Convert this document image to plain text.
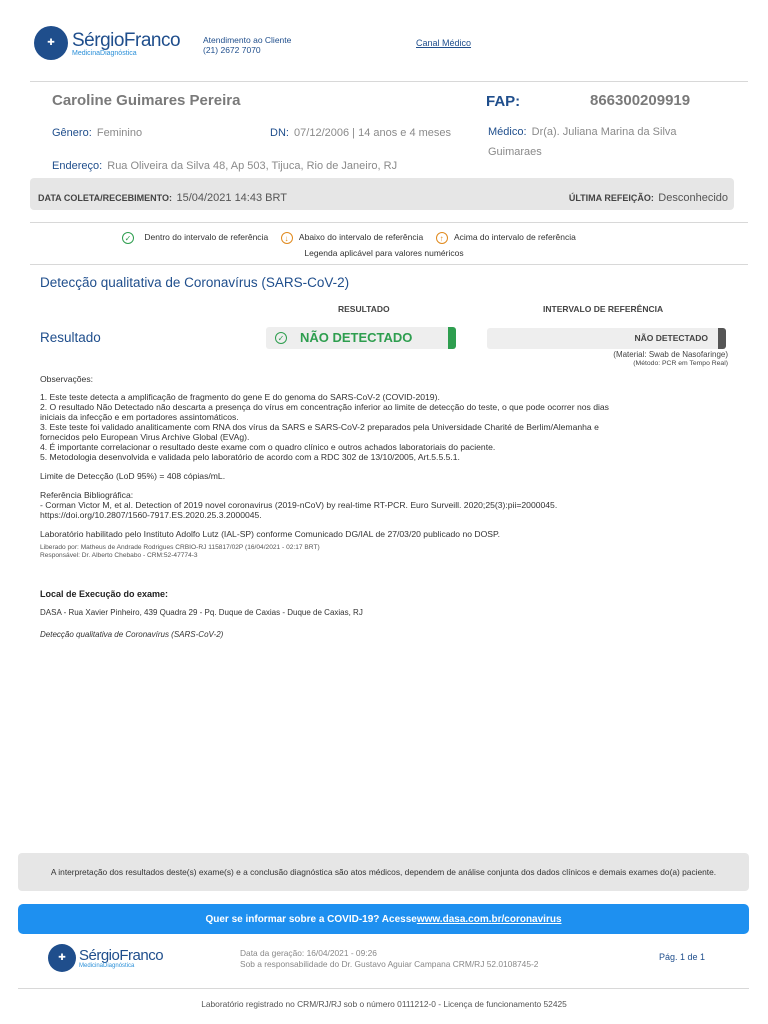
✚ SérgioFranco
MedicinaDiagnóstica
Atendimento ao Cliente
(21) 2672 7070
Canal Médico
Caroline Guimares Pereira	FAP:	866300209919
Gênero: Feminino	DN: 07/12/2006 | 14 anos e 4 meses	Médico: Dr(a). Juliana Marina da Silva Guimaraes
Endereço: Rua Oliveira da Silva 48, Ap 503, Tijuca, Rio de Janeiro, RJ
DATA COLETA/RECEBIMENTO: 15/04/2021 14:43 BRT	ÚLTIMA REFEIÇÃO: Desconhecido
✓ Dentro do intervalo de referência ↓ Abaixo do intervalo de referência ↑ Acima do intervalo de referência
Legenda aplicável para valores numéricos
Detecção qualitativa de Coronavírus (SARS-CoV-2)
RESULTADO	INTERVALO DE REFERÊNCIA
Resultado	✓ NÃO DETECTADO	NÃO DETECTADO
(Material: Swab de Nasofaringe)
(Método: PCR em Tempo Real)
Observações:
1. Este teste detecta a amplificação de fragmento do gene E do genoma do SARS-CoV-2 (COVID-2019).
2. O resultado Não Detectado não descarta a presença do vírus em concentração inferior ao limite de detecção do teste, o que pode ocorrer nos dias
iniciais da infecção e em portadores assintomáticos.
3. Este teste foi validado analiticamente com RNA dos vírus da SARS e SARS-CoV-2 preparados pela Universidade Charité de Berlim/Alemanha e
fornecidos pelo European Virus Archive Global (EVAg).
4. É importante correlacionar o resultado deste exame com o quadro clínico e outros achados laboratoriais do paciente.
5. Metodologia desenvolvida e validada pelo laboratório de acordo com a RDC 302 de 13/10/2005, Art.5.5.5.1.
Limite de Detecção (LoD 95%) = 408 cópias/mL.
Referência Bibliográfica:
- Corman Victor M, et al. Detection of 2019 novel coronavirus (2019-nCoV) by real-time RT-PCR. Euro Surveill. 2020;25(3):pii=2000045.
https://doi.org/10.2807/1560-7917.ES.2020.25.3.2000045.
Laboratório habilitado pelo Instituto Adolfo Lutz (IAL-SP) conforme Comunicado DG/IAL de 27/03/20 publicado no DOSP.
Liberado por: Matheus de Andrade Rodrigues CRBIO-RJ 115817/02P (16/04/2021 - 02:17 BRT)
Responsável: Dr. Alberto Chebabo - CRM:52-47774-3
Local de Execução do exame:
DASA - Rua Xavier Pinheiro, 439 Quadra 29 - Pq. Duque de Caxias - Duque de Caxias, RJ
Detecção qualitativa de Coronavírus (SARS-CoV-2)
A interpretação dos resultados deste(s) exame(s) e a conclusão diagnóstica são atos médicos, dependem de análise conjunta dos dados clínicos e demais exames do(a) paciente.
Quer se informar sobre a COVID-19? Acesse www.dasa.com.br/coronavirus
✚ SérgioFranco
MedicinaDiagnóstica
Data da geração: 16/04/2021 - 09:26
Sob a responsabilidade do Dr. Gustavo Aguiar Campana CRM/RJ 52.0108745-2
Pág. 1 de 1
Laboratório registrado no CRM/RJ/RJ sob o número 0111212-0 - Licença de funcionamento 52425
